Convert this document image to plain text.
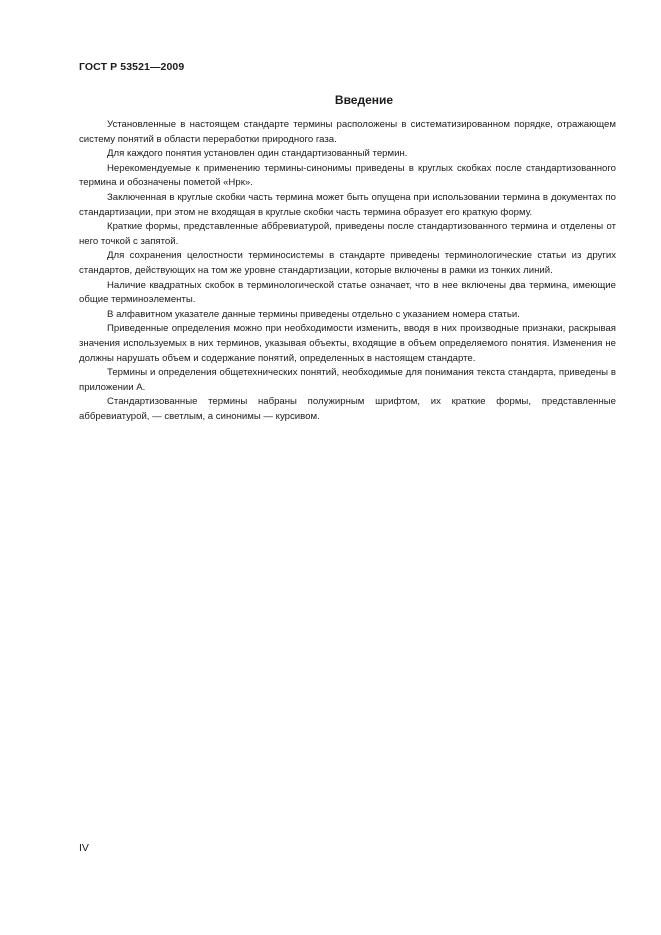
ГОСТ Р 53521—2009
Введение

Установленные в настоящем стандарте термины расположены в систематизированном порядке, отражающем систему понятий в области переработки природного газа.

Для каждого понятия установлен один стандартизованный термин.

Нерекомендуемые к применению термины-синонимы приведены в круглых скобках после стандартизованного термина и обозначены пометой «Нрк».

Заключенная в круглые скобки часть термина может быть опущена при использовании термина в документах по стандартизации, при этом не входящая в круглые скобки часть термина образует его краткую форму.

Краткие формы, представленные аббревиатурой, приведены после стандартизованного термина и отделены от него точкой с запятой.

Для сохранения целостности терминосистемы в стандарте приведены терминологические статьи из других стандартов, действующих на том же уровне стандартизации, которые включены в рамки из тонких линий.

Наличие квадратных скобок в терминологической статье означает, что в нее включены два термина, имеющие общие терминоэлементы.

В алфавитном указателе данные термины приведены отдельно с указанием номера статьи.

Приведенные определения можно при необходимости изменить, вводя в них производные признаки, раскрывая значения используемых в них терминов, указывая объекты, входящие в объем определяемого понятия. Изменения не должны нарушать объем и содержание понятий, определенных в настоящем стандарте.

Термины и определения общетехнических понятий, необходимые для понимания текста стандарта, приведены в приложении А.

Стандартизованные термины набраны полужирным шрифтом, их краткие формы, представленные аббревиатурой, — светлым, а синонимы — курсивом.

IV
